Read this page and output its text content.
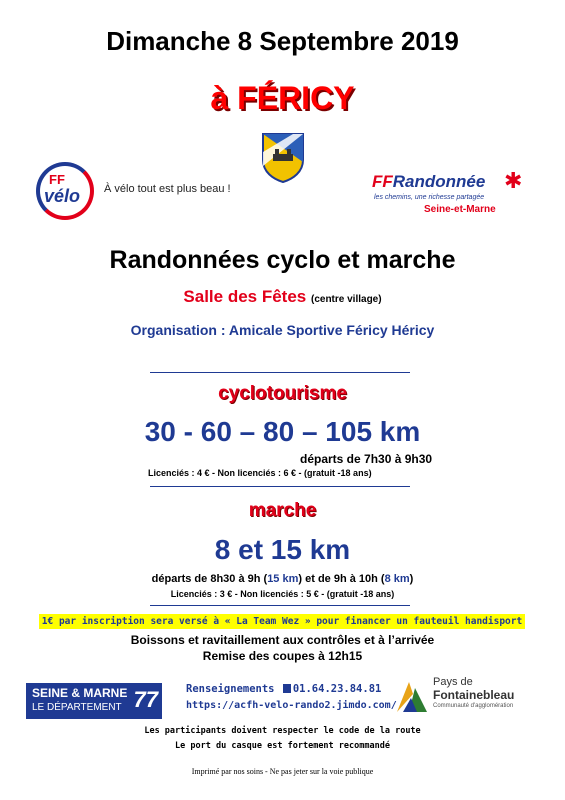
Dimanche 8 Septembre 2019
à FÉRICY
FF
vélo À vélo tout est plus beau !	FFRandonnée ✱
les chemins, une richesse partagée
Seine-et-Marne
Randonnées cyclo et marche
Salle des Fêtes (centre village)
Organisation : Amicale Sportive Féricy Héricy
cyclotourisme
30 - 60 – 80 – 105 km
départs de 7h30 à 9h30
Licenciés : 4 € - Non licenciés : 6 € - (gratuit -18 ans)
marche
8 et 15 km
départs de 8h30 à 9h (15 km) et de 9h à 10h (8 km)
Licenciés : 3 € - Non licenciés : 5 € - (gratuit -18 ans)
1€ par inscription sera versé à « La Team Wez » pour financer un fauteuil handisport
Boissons et ravitaillement aux contrôles et à l’arrivée
Remise des coupes à 12h15
SEINE & MARNE
LE DÉPARTEMENT 77	Renseignements 01.64.23.84.81
https://acfh-velo-rando2.jimdo.com/
Pays de
Fontainebleau
Communauté d'agglomération
Les participants doivent respecter le code de la route
Le port du casque est fortement recommandé
Imprimé par nos soins - Ne pas jeter sur la voie publique
